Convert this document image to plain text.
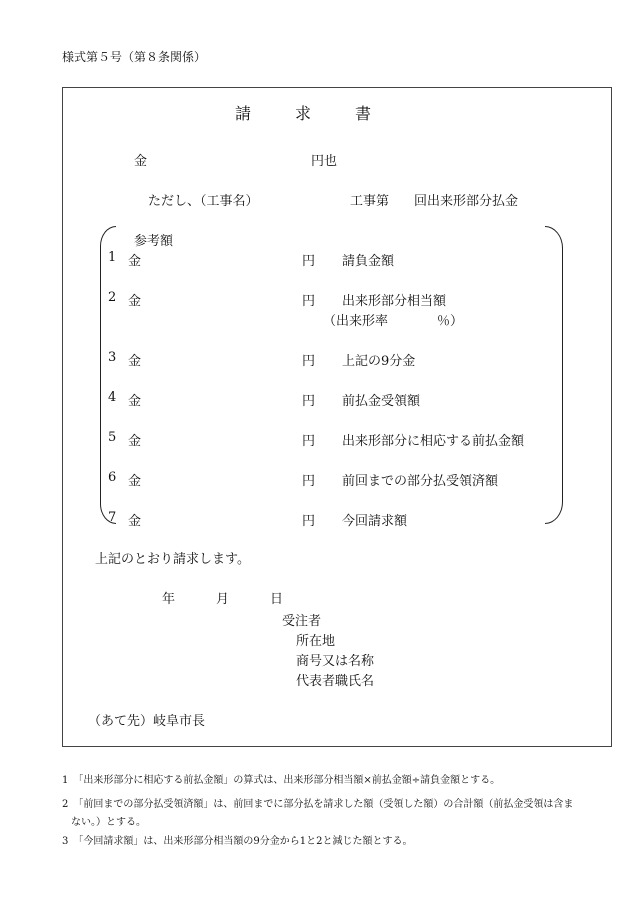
様式第５号（第８条関係）
請求書
金	円也
ただし、（工事名）	工事第 回出来形部分払金
参考額
1 金	円 請負金額
2 金	円 出来形部分相当額
（出来形率	％）
3 金	円 上記の9分金
4 金	円 前払金受領額
5 金	円 出来形部分に相応する前払金額
6 金	円 前回までの部分払受領済額
7 金	円 今回請求額
上記のとおり請求します。
年	月	日
受注者
所在地
商号又は名称
代表者職氏名
（あて先）岐阜市長
1　「出来形部分に相応する前払金額」の算式は、出来形部分相当額×前払金額÷請負金額とする。
2　「前回までの部分払受領済額」は、前回までに部分払を請求した額（受領した額）の合計額（前払金受領は含ま
ない。）とする。
3　「今回請求額」は、出来形部分相当額の9分金から1と2と減じた額とする。
